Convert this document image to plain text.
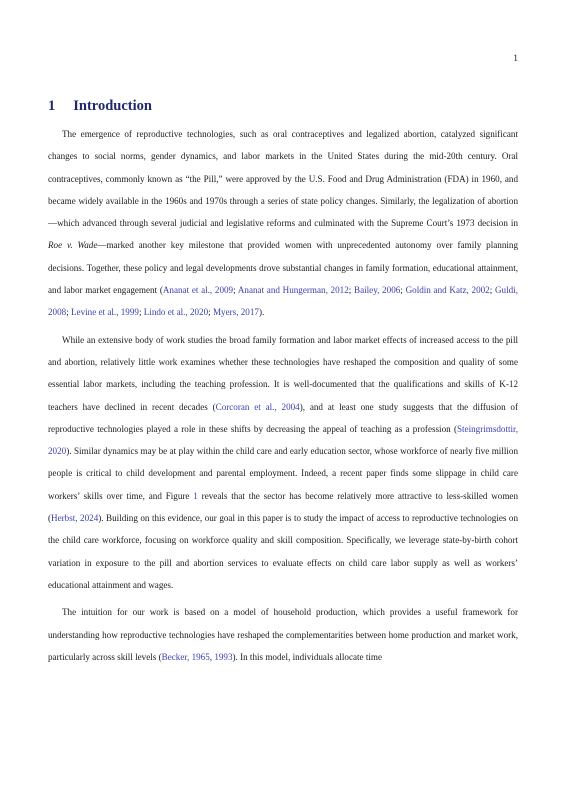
1
1 Introduction

The emergence of reproductive technologies, such as oral contraceptives and legalized abortion, catalyzed significant changes to social norms, gender dynamics, and labor markets in the United States during the mid-20th century. Oral contraceptives, commonly known as “the Pill,” were approved by the U.S. Food and Drug Administration (FDA) in 1960, and became widely available in the 1960s and 1970s through a series of state policy changes. Similarly, the legalization of abortion—which advanced through several judicial and legislative reforms and culminated with the Supreme Court’s 1973 decision in Roe v. Wade—marked another key milestone that provided women with unprecedented autonomy over family planning decisions. Together, these policy and legal developments drove substantial changes in family formation, educational attainment, and labor market engagement (Ananat et al., 2009; Ananat and Hungerman, 2012; Bailey, 2006; Goldin and Katz, 2002; Guldi, 2008; Levine et al., 1999; Lindo et al., 2020; Myers, 2017).

While an extensive body of work studies the broad family formation and labor market effects of increased access to the pill and abortion, relatively little work examines whether these technologies have reshaped the composition and quality of some essential labor markets, including the teaching profession. It is well-documented that the qualifications and skills of K-12 teachers have declined in recent decades (Corcoran et al., 2004), and at least one study suggests that the diffusion of reproductive technologies played a role in these shifts by decreasing the appeal of teaching as a profession (Steingrimsdottir, 2020). Similar dynamics may be at play within the child care and early education sector, whose workforce of nearly five million people is critical to child development and parental employment. Indeed, a recent paper finds some slippage in child care workers’ skills over time, and Figure 1 reveals that the sector has become relatively more attractive to less-skilled women (Herbst, 2024). Building on this evidence, our goal in this paper is to study the impact of access to reproductive technologies on the child care workforce, focusing on workforce quality and skill composition. Specifically, we leverage state-by-birth cohort variation in exposure to the pill and abortion services to evaluate effects on child care labor supply as well as workers’ educational attainment and wages.

The intuition for our work is based on a model of household production, which provides a useful framework for understanding how reproductive technologies have reshaped the complementarities between home production and market work, particularly across skill levels (Becker, 1965, 1993). In this model, individuals allocate time
